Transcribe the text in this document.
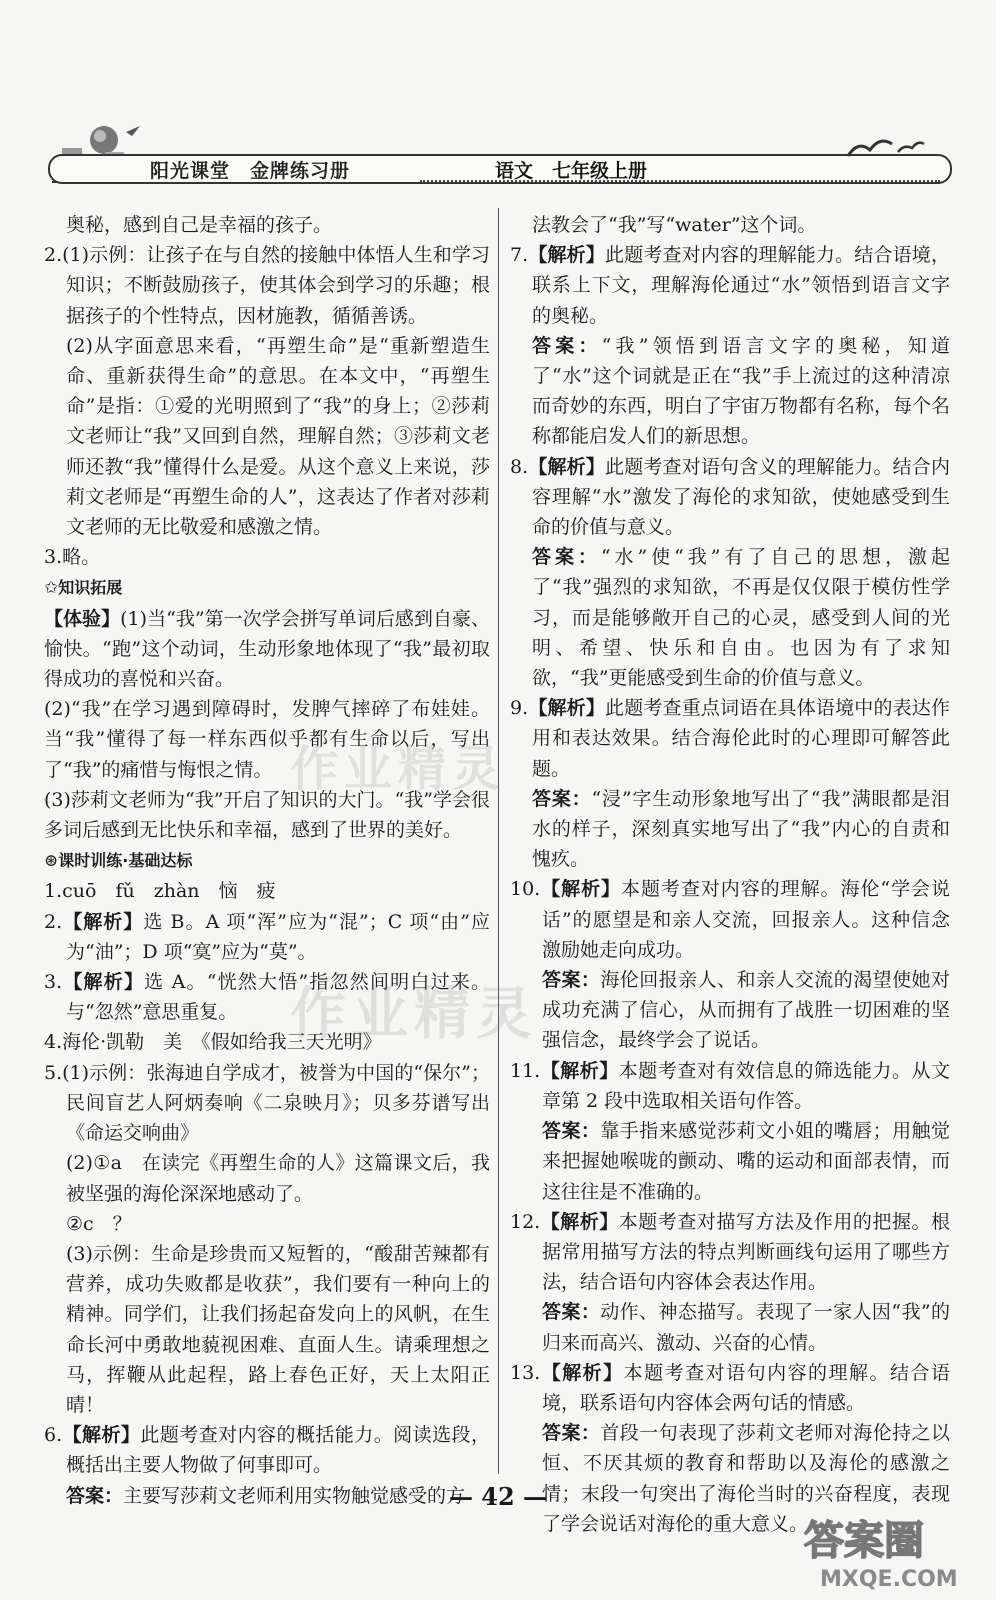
阳光课堂　金牌练习册	语文　七年级上册

奥秘，感到自己是幸福的孩子。

2.(1)示例：让孩子在与自然的接触中体悟人生和学习知识；不断鼓励孩子，使其体会到学习的乐趣；根据孩子的个性特点，因材施教，循循善诱。

(2)从字面意思来看，“再塑生命”是“重新塑造生命、重新获得生命”的意思。在本文中，“再塑生命”是指：①爱的光明照到了“我”的身上；②莎莉文老师让“我”又回到自然，理解自然；③莎莉文老师还教“我”懂得什么是爱。从这个意义上来说，莎莉文老师是“再塑生命的人”，这表达了作者对莎莉文老师的无比敬爱和感激之情。

3.略。

✩知识拓展

【体验】(1)当“我”第一次学会拼写单词后感到自豪、愉快。“跑”这个动词，生动形象地体现了“我”最初取得成功的喜悦和兴奋。

(2)“我”在学习遇到障碍时，发脾气摔碎了布娃娃。当“我”懂得了每一样东西似乎都有生命以后，写出了“我”的痛惜与悔恨之情。

(3)莎莉文老师为“我”开启了知识的大门。“我”学会很多词后感到无比快乐和幸福，感到了世界的美好。

⊛课时训练·基础达标

1.cuō　fǔ　zhàn　恼　疲

2.【解析】选 B。A 项“浑”应为“混”；C 项“由”应为“油”；D 项“寞”应为“莫”。

3.【解析】选 A。“恍然大悟”指忽然间明白过来。与“忽然”意思重复。

4.海伦·凯勒　美　《假如给我三天光明》

5.(1)示例：张海迪自学成才，被誉为中国的“保尔”；民间盲艺人阿炳奏响《二泉映月》；贝多芬谱写出《命运交响曲》

(2)①a　在读完《再塑生命的人》这篇课文后，我被坚强的海伦深深地感动了。

②c　？

(3)示例：生命是珍贵而又短暂的，“酸甜苦辣都有营养，成功失败都是收获”，我们要有一种向上的精神。同学们，让我们扬起奋发向上的风帆，在生命长河中勇敢地藐视困难、直面人生。请乘理想之马，挥鞭从此起程，路上春色正好，天上太阳正晴！

6.【解析】此题考查对内容的概括能力。阅读选段，概括出主要人物做了何事即可。

答案：主要写莎莉文老师利用实物触觉感受的方

法教会了“我”写“water”这个词。

7.【解析】此题考查对内容的理解能力。结合语境，联系上下文，理解海伦通过“水”领悟到语言文字的奥秘。

答案：“我”领悟到语言文字的奥秘，知道了“水”这个词就是正在“我”手上流过的这种清凉而奇妙的东西，明白了宇宙万物都有名称，每个名称都能启发人们的新思想。

8.【解析】此题考查对语句含义的理解能力。结合内容理解“水”激发了海伦的求知欲，使她感受到生命的价值与意义。

答案：“水”使“我”有了自己的思想，激起了“我”强烈的求知欲，不再是仅仅限于模仿性学习，而是能够敞开自己的心灵，感受到人间的光明、希望、快乐和自由。也因为有了求知欲，“我”更能感受到生命的价值与意义。

9.【解析】此题考查重点词语在具体语境中的表达作用和表达效果。结合海伦此时的心理即可解答此题。

答案：“浸”字生动形象地写出了“我”满眼都是泪水的样子，深刻真实地写出了“我”内心的自责和愧疚。

10.【解析】本题考查对内容的理解。海伦“学会说话”的愿望是和亲人交流，回报亲人。这种信念激励她走向成功。

答案：海伦回报亲人、和亲人交流的渴望使她对成功充满了信心，从而拥有了战胜一切困难的坚强信念，最终学会了说话。

11.【解析】本题考查对有效信息的筛选能力。从文章第 2 段中选取相关语句作答。

答案：靠手指来感觉莎莉文小姐的嘴唇；用触觉来把握她喉咙的颤动、嘴的运动和面部表情，而这往往是不准确的。

12.【解析】本题考查对描写方法及作用的把握。根据常用描写方法的特点判断画线句运用了哪些方法，结合语句内容体会表达作用。

答案：动作、神态描写。表现了一家人因“我”的归来而高兴、激动、兴奋的心情。

13.【解析】本题考查对语句内容的理解。结合语境，联系语句内容体会两句话的情感。

答案：首段一句表现了莎莉文老师对海伦持之以恒、不厌其烦的教育和帮助以及海伦的感激之情；末段一句突出了海伦当时的兴奋程度，表现了学会说话对海伦的重大意义。

作业精灵
作业精灵
— 42 —
答案圈
MXQE.COM
